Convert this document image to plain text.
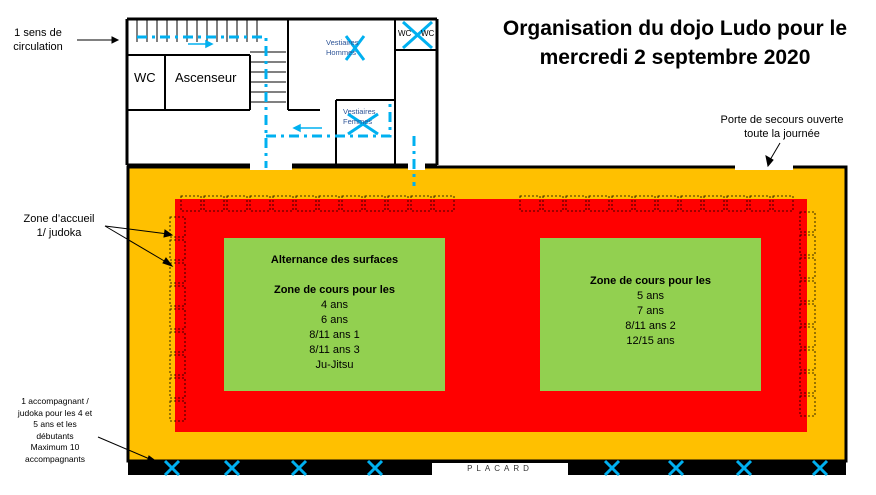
Organisation du dojo Ludo pour le
mercredi 2 septembre 2020
1 sens de
circulation
Zone d’accueil
1/ judoka
1 accompagnant /
judoka pour les 4 et
5 ans et les
débutants
Maximum 10
accompagnants
Porte de secours ouverte
toute la journée
WC Ascenseur
WC WC
Vestiaires
Hommes
Vestiaires
Femmes
Alternance des surfaces
Zone de cours pour les
4 ans
6 ans
8/11 ans 1
8/11 ans 3
Ju-Jitsu
Zone de cours pour les
5 ans
7 ans
8/11 ans 2
12/15 ans
PLACARD
